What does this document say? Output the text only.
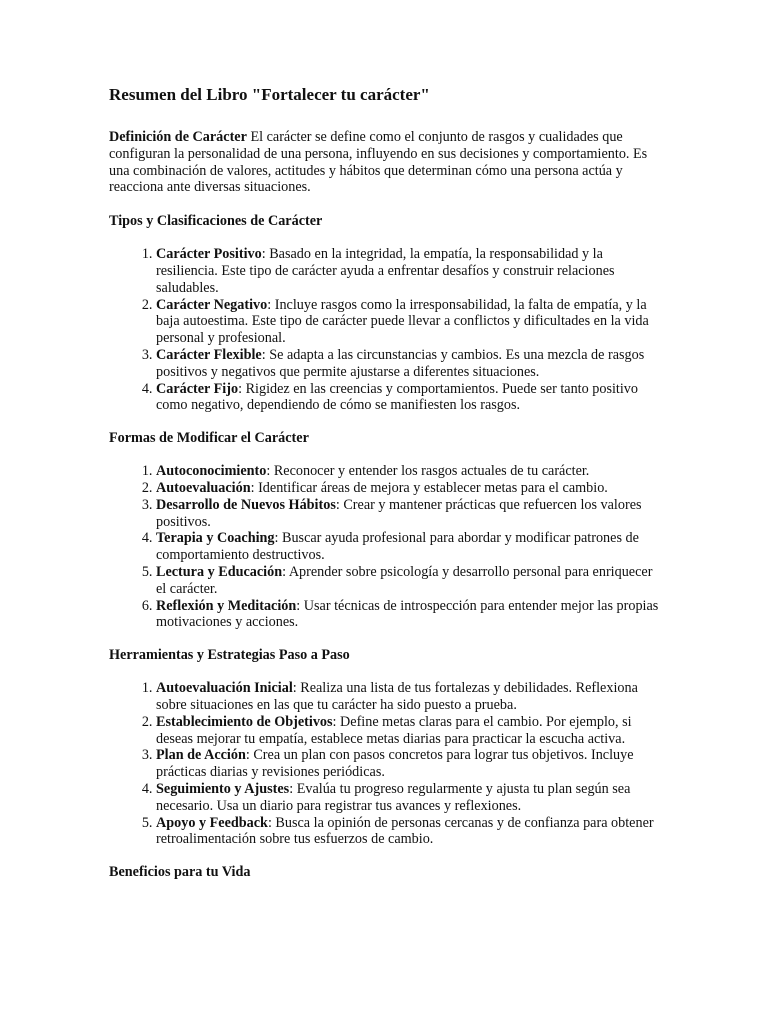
Resumen del Libro "Fortalecer tu carácter"

Definición de Carácter El carácter se define como el conjunto de rasgos y cualidades que configuran la personalidad de una persona, influyendo en sus decisiones y comportamiento. Es una combinación de valores, actitudes y hábitos que determinan cómo una persona actúa y reacciona ante diversas situaciones.

Tipos y Clasificaciones de Carácter
1. Carácter Positivo: Basado en la integridad, la empatía, la responsabilidad y la resiliencia. Este tipo de carácter ayuda a enfrentar desafíos y construir relaciones saludables.
2. Carácter Negativo: Incluye rasgos como la irresponsabilidad, la falta de empatía, y la baja autoestima. Este tipo de carácter puede llevar a conflictos y dificultades en la vida personal y profesional.
3. Carácter Flexible: Se adapta a las circunstancias y cambios. Es una mezcla de rasgos positivos y negativos que permite ajustarse a diferentes situaciones.
4. Carácter Fijo: Rigidez en las creencias y comportamientos. Puede ser tanto positivo como negativo, dependiendo de cómo se manifiesten los rasgos.
Formas de Modificar el Carácter
1. Autoconocimiento: Reconocer y entender los rasgos actuales de tu carácter.
2. Autoevaluación: Identificar áreas de mejora y establecer metas para el cambio.
3. Desarrollo de Nuevos Hábitos: Crear y mantener prácticas que refuercen los valores positivos.
4. Terapia y Coaching: Buscar ayuda profesional para abordar y modificar patrones de comportamiento destructivos.
5. Lectura y Educación: Aprender sobre psicología y desarrollo personal para enriquecer el carácter.
6. Reflexión y Meditación: Usar técnicas de introspección para entender mejor las propias motivaciones y acciones.
Herramientas y Estrategias Paso a Paso
1. Autoevaluación Inicial: Realiza una lista de tus fortalezas y debilidades. Reflexiona sobre situaciones en las que tu carácter ha sido puesto a prueba.
2. Establecimiento de Objetivos: Define metas claras para el cambio. Por ejemplo, si deseas mejorar tu empatía, establece metas diarias para practicar la escucha activa.
3. Plan de Acción: Crea un plan con pasos concretos para lograr tus objetivos. Incluye prácticas diarias y revisiones periódicas.
4. Seguimiento y Ajustes: Evalúa tu progreso regularmente y ajusta tu plan según sea necesario. Usa un diario para registrar tus avances y reflexiones.
5. Apoyo y Feedback: Busca la opinión de personas cercanas y de confianza para obtener retroalimentación sobre tus esfuerzos de cambio.
Beneficios para tu Vida
